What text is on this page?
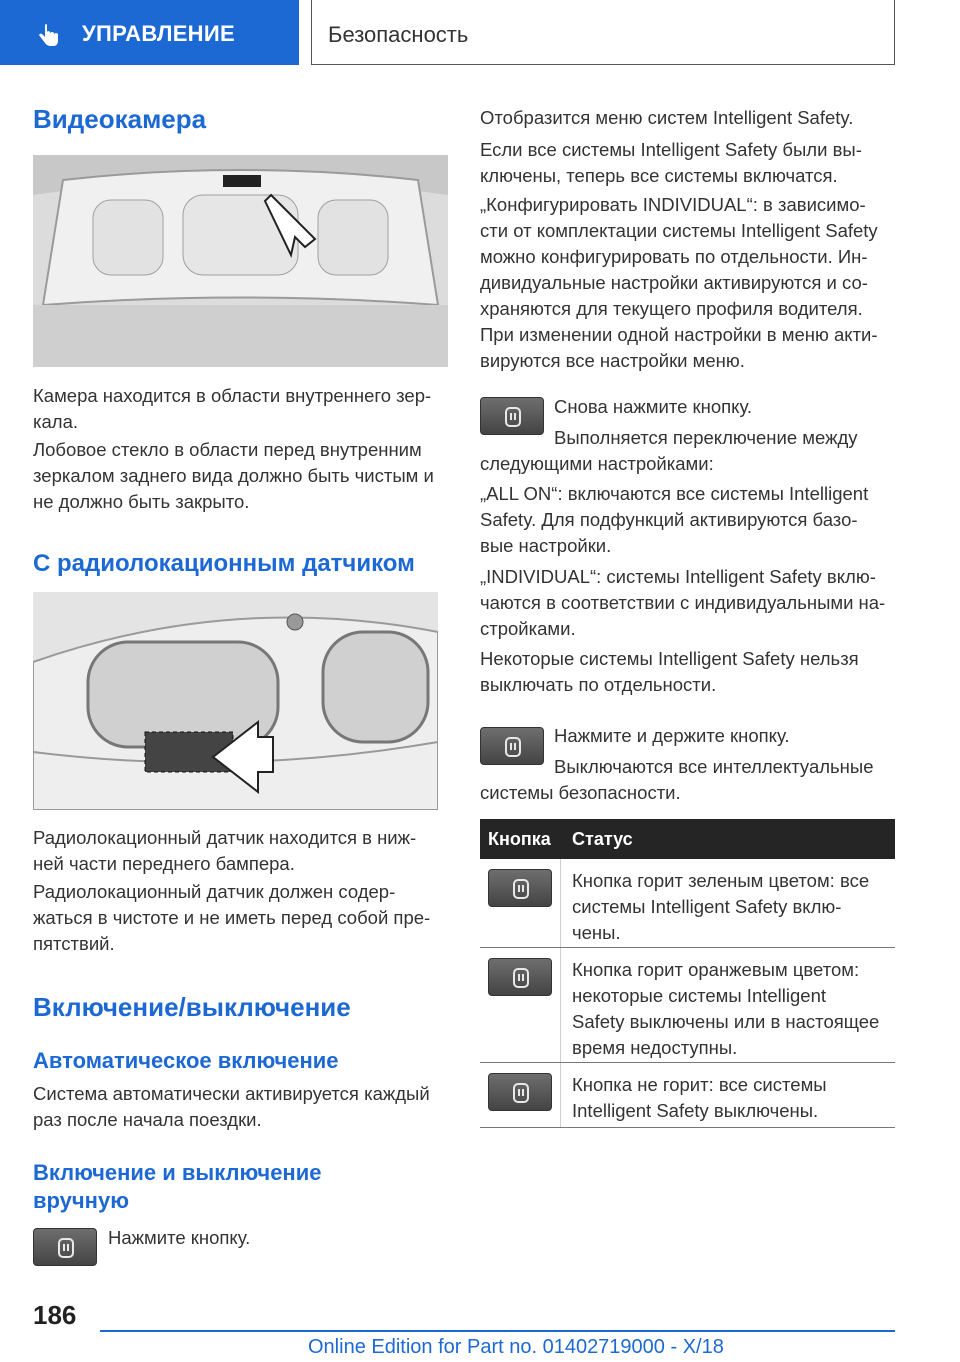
УПРАВЛЕНИЕ	Безопасность
Видеокамера
Камера находится в области внутреннего зер-
кала.
Лобовое стекло в области перед внутренним
зеркалом заднего вида должно быть чистым и
не должно быть закрыто.
С радиолокационным датчиком
Радиолокационный датчик находится в ниж-
ней части переднего бампера.
Радиолокационный датчик должен содер-
жаться в чистоте и не иметь перед собой пре-
пятствий.
Включение/выключение
Автоматическое включение
Система автоматически активируется каждый
раз после начала поездки.
Включение и выключение
вручную
Нажмите кнопку.
Отобразится меню систем Intelligent Safety.
Если все системы Intelligent Safety были вы-
ключены, теперь все системы включатся.
„Конфигурировать INDIVIDUAL“: в зависимо-
сти от комплектации системы Intelligent Safety
можно конфигурировать по отдельности. Ин-
дивидуальные настройки активируются и со-
храняются для текущего профиля водителя.
При изменении одной настройки в меню акти-
вируются все настройки меню.
Снова нажмите кнопку.
Выполняется переключение между
следующими настройками:
„ALL ON“: включаются все системы Intelligent
Safety. Для подфункций активируются базо-
вые настройки.
„INDIVIDUAL“: системы Intelligent Safety вклю-
чаются в соответствии с индивидуальными на-
стройками.
Некоторые системы Intelligent Safety нельзя
выключать по отдельности.
Нажмите и держите кнопку.
Выключаются все интеллектуальные
системы безопасности.
Кнопка Статус
Кнопка горит зеленым цветом: все
системы Intelligent Safety вклю-
чены.
Кнопка горит оранжевым цветом:
некоторые системы Intelligent
Safety выключены или в настоящее
время недоступны.
Кнопка не горит: все системы
Intelligent Safety выключены.
186
Online Edition for Part no. 01402719000 - X/18
